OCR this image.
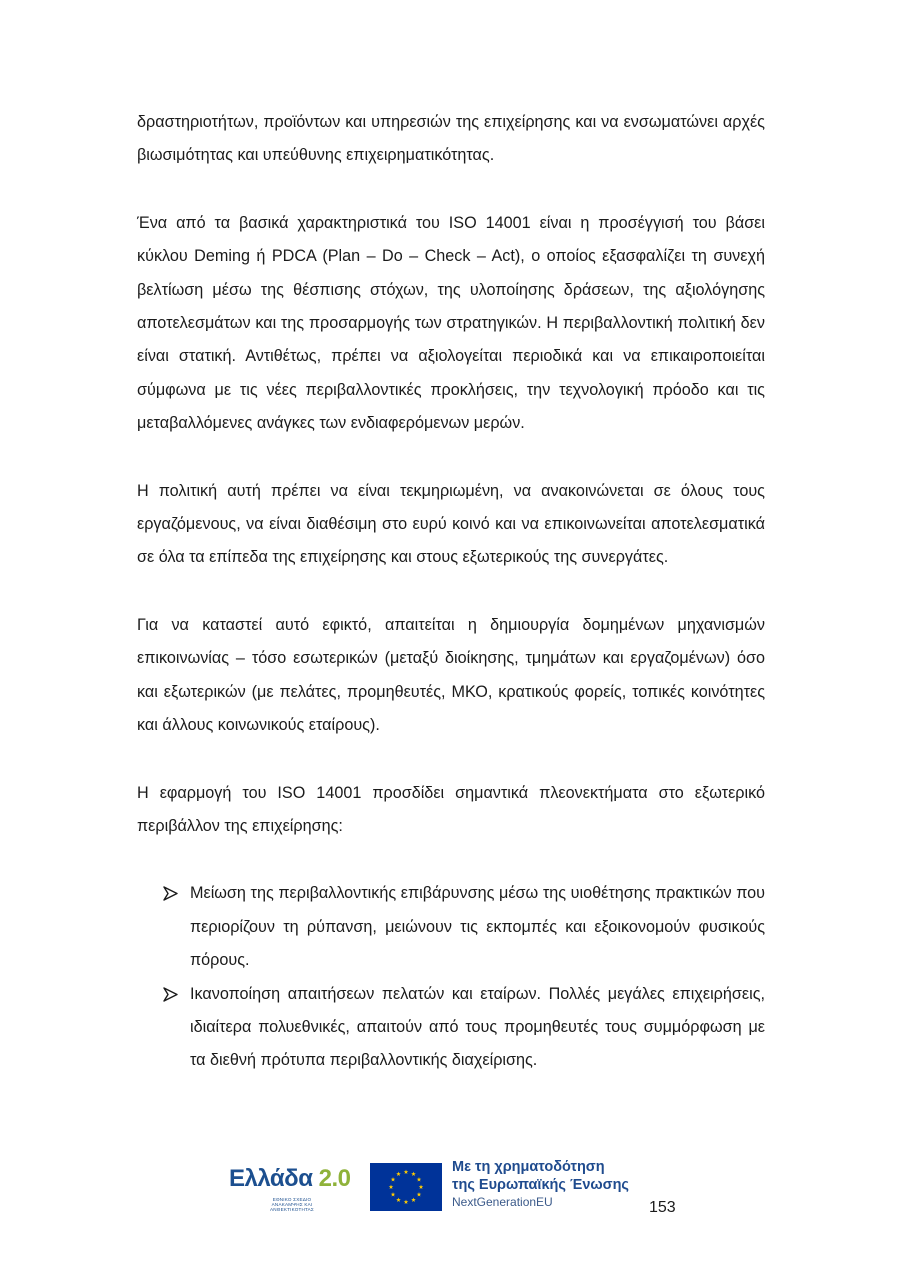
δραστηριοτήτων, προϊόντων και υπηρεσιών της επιχείρησης και να ενσωματώνει αρχές βιωσιμότητας και υπεύθυνης επιχειρηματικότητας.

Ένα από τα βασικά χαρακτηριστικά του ISO 14001 είναι η προσέγγισή του βάσει κύκλου Deming ή PDCA (Plan – Do – Check – Act), ο οποίος εξασφαλίζει τη συνεχή βελτίωση μέσω της θέσπισης στόχων, της υλοποίησης δράσεων, της αξιολόγησης αποτελεσμάτων και της προσαρμογής των στρατηγικών. Η περιβαλλοντική πολιτική δεν είναι στατική. Αντιθέτως, πρέπει να αξιολογείται περιοδικά και να επικαιροποιείται σύμφωνα με τις νέες περιβαλλοντικές προκλήσεις, την τεχνολογική πρόοδο και τις μεταβαλλόμενες ανάγκες των ενδιαφερόμενων μερών.

Η πολιτική αυτή πρέπει να είναι τεκμηριωμένη, να ανακοινώνεται σε όλους τους εργαζόμενους, να είναι διαθέσιμη στο ευρύ κοινό και να επικοινωνείται αποτελεσματικά σε όλα τα επίπεδα της επιχείρησης και στους εξωτερικούς της συνεργάτες.

Για να καταστεί αυτό εφικτό, απαιτείται η δημιουργία δομημένων μηχανισμών επικοινωνίας – τόσο εσωτερικών (μεταξύ διοίκησης, τμημάτων και εργαζομένων) όσο και εξωτερικών (με πελάτες, προμηθευτές, ΜΚΟ, κρατικούς φορείς, τοπικές κοινότητες και άλλους κοινωνικούς εταίρους).

Η εφαρμογή του ISO 14001 προσδίδει σημαντικά πλεονεκτήματα στο εξωτερικό περιβάλλον της επιχείρησης:

Μείωση της περιβαλλοντικής επιβάρυνσης μέσω της υιοθέτησης πρακτικών που περιορίζουν τη ρύπανση, μειώνουν τις εκπομπές και εξοικονομούν φυσικούς πόρους.
Ικανοποίηση απαιτήσεων πελατών και εταίρων. Πολλές μεγάλες επιχειρήσεις, ιδιαίτερα πολυεθνικές, απαιτούν από τους προμηθευτές τους συμμόρφωση με τα διεθνή πρότυπα περιβαλλοντικής διαχείρισης.
Ελλάδα 2.0
ΕΘΝΙΚΟ ΣΧΕΔΙΟ ΑΝΑΚΑΜΨΗΣ ΚΑΙ ΑΝΘΕΚΤΙΚΟΤΗΤΑΣ
Με τη χρηματοδότηση
της Ευρωπαϊκής Ένωσης
NextGenerationEU	153
